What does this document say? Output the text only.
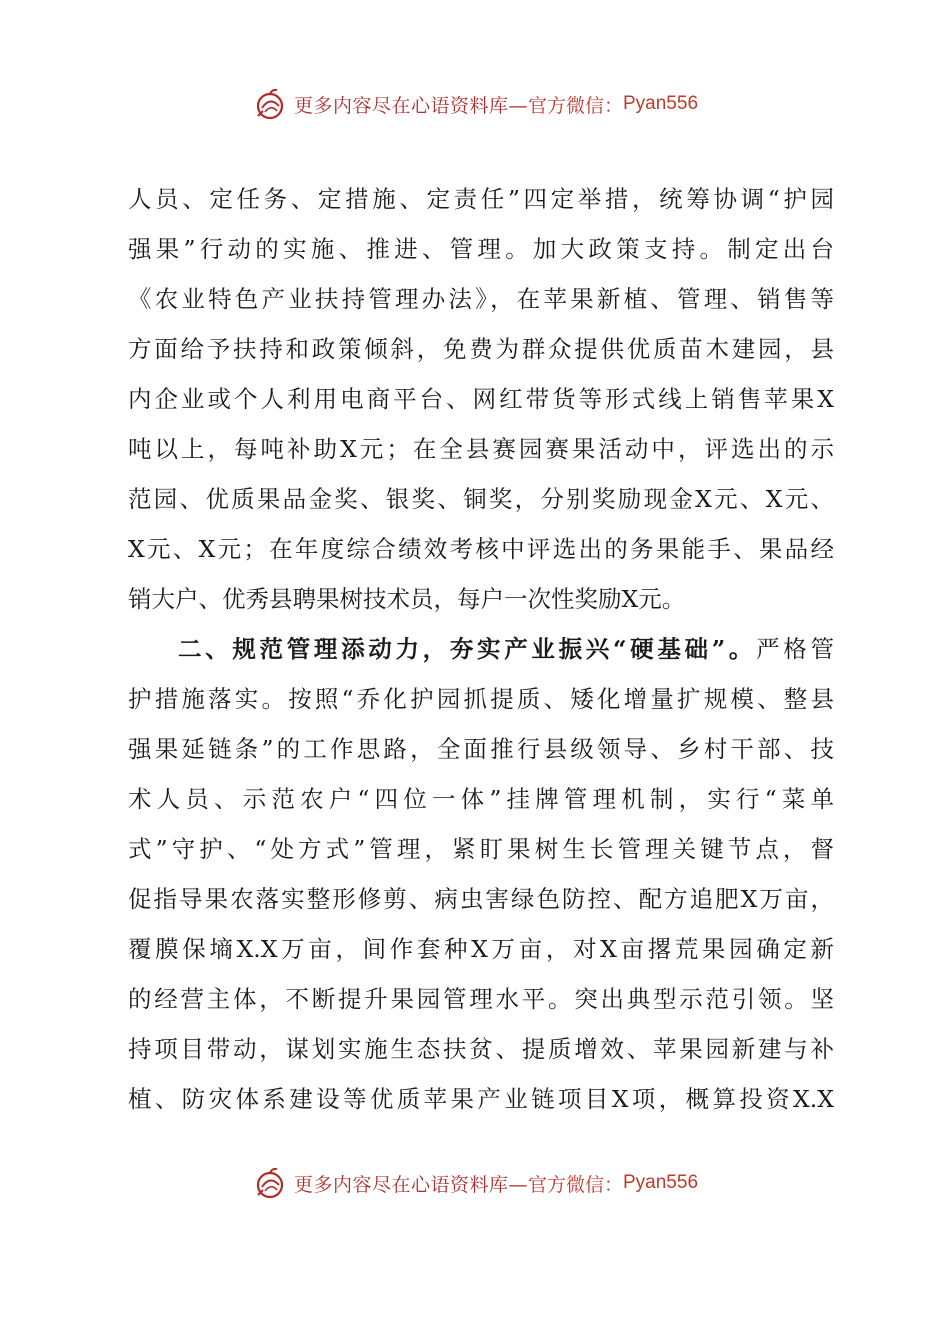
更多内容尽在心语资料库— 官方微信： Pyan556
人员、定任务、定措施、定责任”四定举措，统筹协调“护园
强果”行动的实施、推进、管理。加大政策支持。制定出台
《农业特色产业扶持管理办法》，在苹果新植、管理、销售等
方面给予扶持和政策倾斜，免费为群众提供优质苗木建园，县
内企业或个人利用电商平台、网红带货等形式线上销售苹果X
吨以上，每吨补助X元；在全县赛园赛果活动中，评选出的示
范园、优质果品金奖、银奖、铜奖，分别奖励现金X元、X元、
X元、X元；在年度综合绩效考核中评选出的务果能手、果品经
销大户、优秀县聘果树技术员，每户一次性奖励X元。
二、规范管理添动力，夯实产业振兴“硬基础”。严格管
护措施落实。按照“乔化护园抓提质、矮化增量扩规模、整县
强果延链条”的工作思路，全面推行县级领导、乡村干部、技
术人员、示范农户“四位一体”挂牌管理机制，实行“菜单
式”守护、“处方式”管理，紧盯果树生长管理关键节点，督
促指导果农落实整形修剪、病虫害绿色防控、配方追肥X万亩，
覆膜保墒X.X万亩，间作套种X万亩，对X亩撂荒果园确定新
的经营主体，不断提升果园管理水平。突出典型示范引领。坚
持项目带动，谋划实施生态扶贫、提质增效、苹果园新建与补
植、防灾体系建设等优质苹果产业链项目X项，概算投资X.X
更多内容尽在心语资料库— 官方微信： Pyan556
